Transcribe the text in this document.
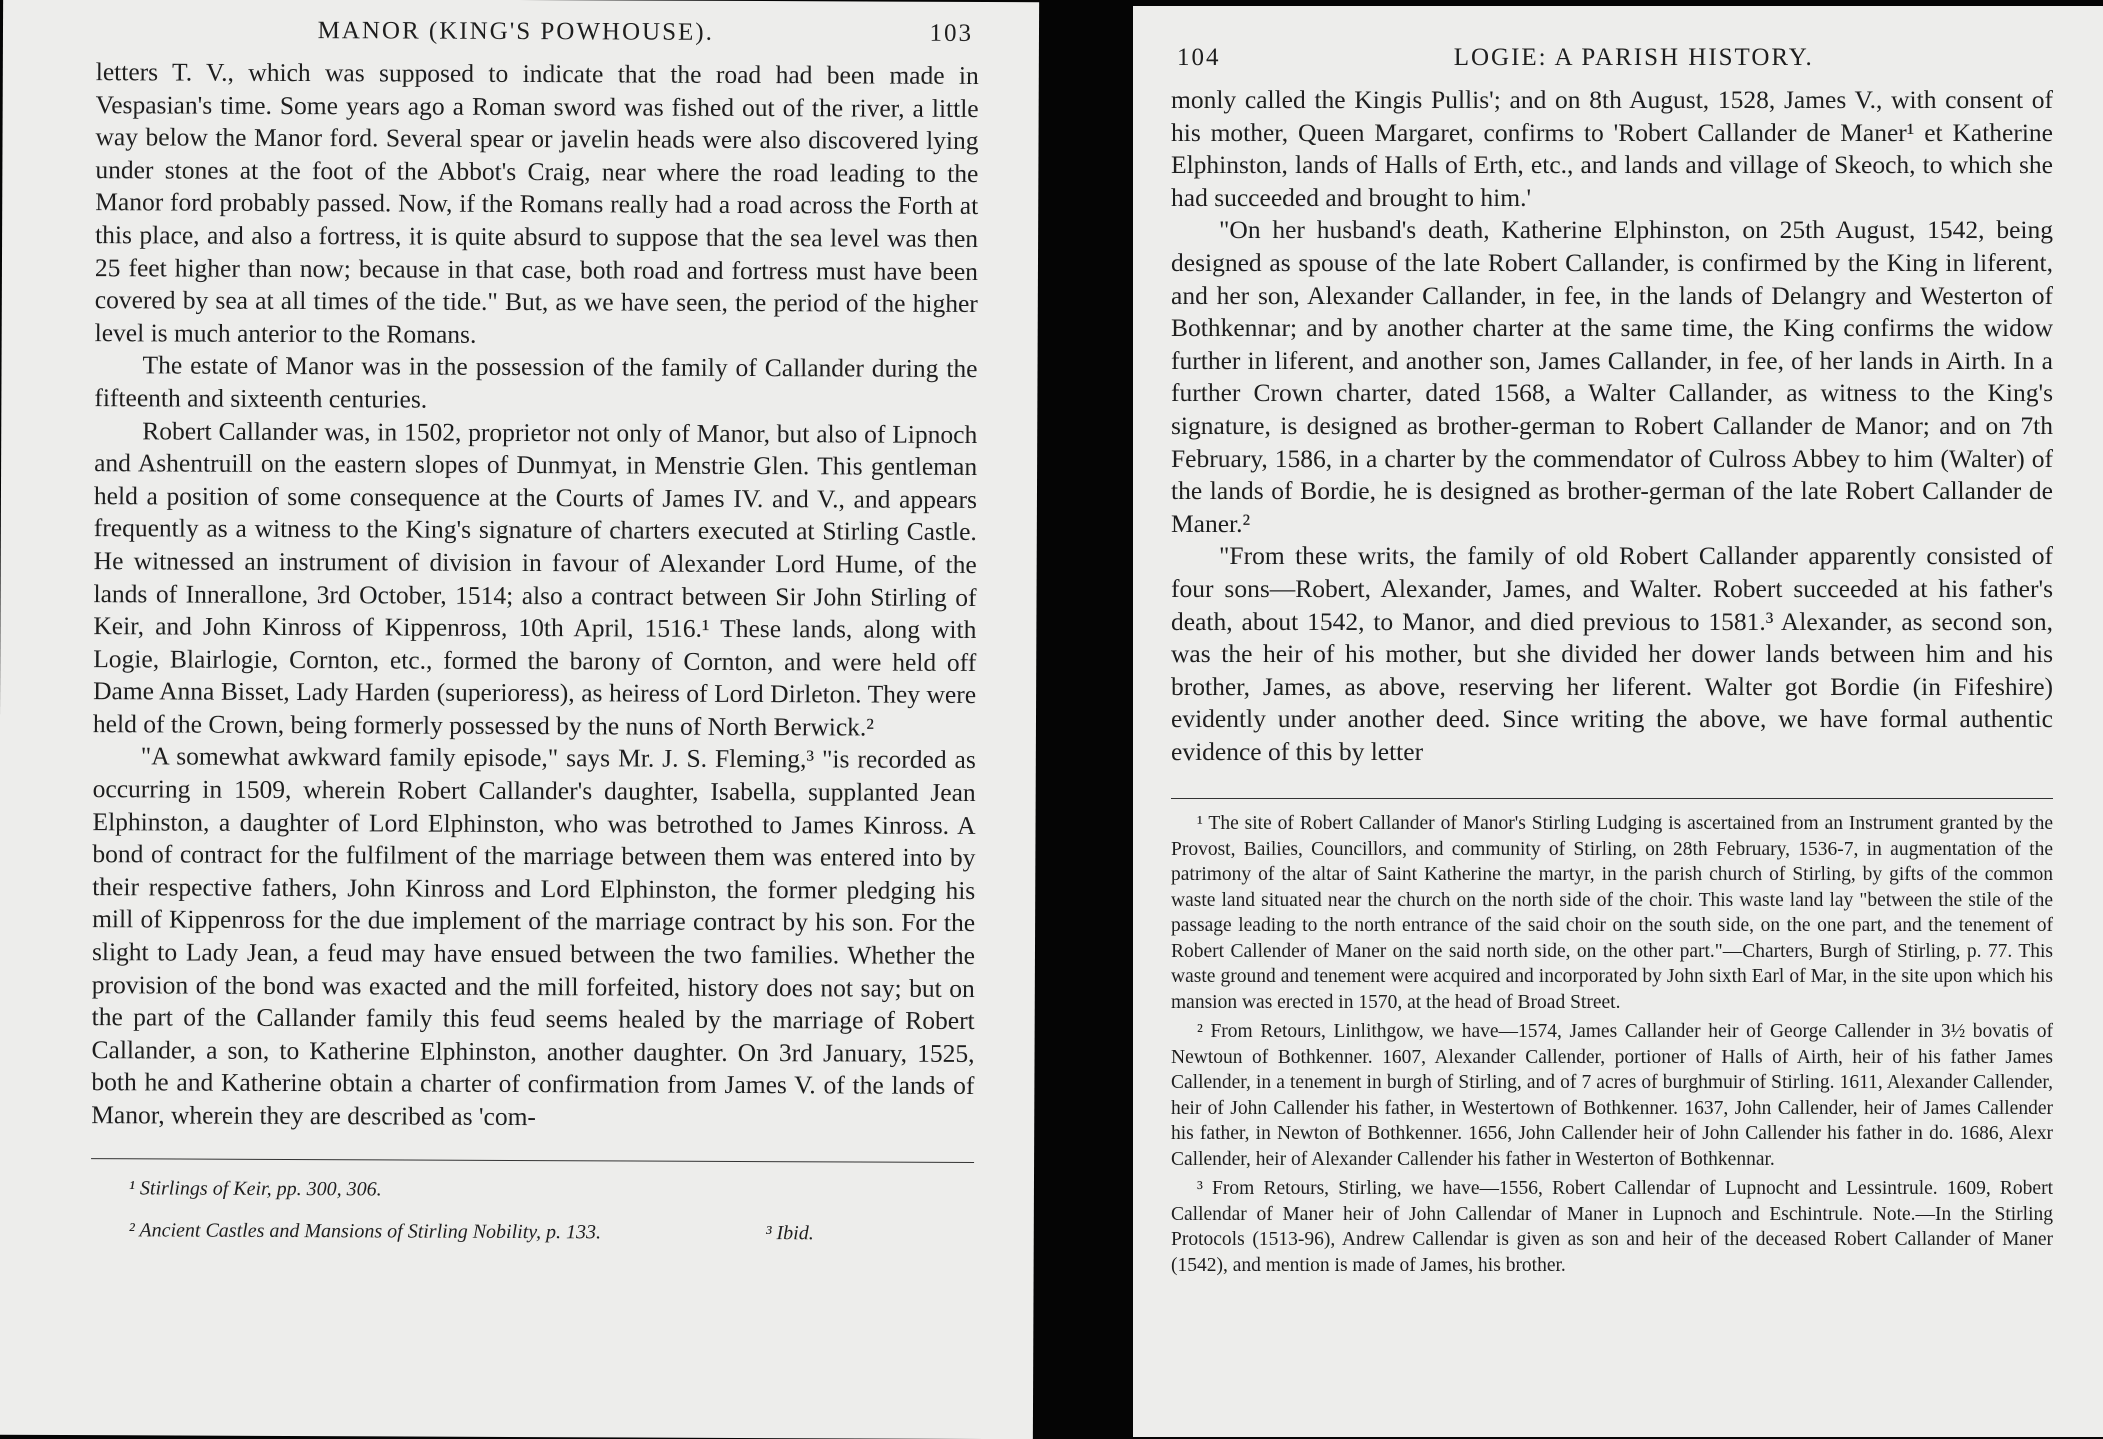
MANOR (KING'S POWHOUSE).	103

letters T. V., which was supposed to indicate that the road had been made in Vespasian's time. Some years ago a Roman sword was fished out of the river, a little way below the Manor ford. Several spear or javelin heads were also discovered lying under stones at the foot of the Abbot's Craig, near where the road leading to the Manor ford probably passed. Now, if the Romans really had a road across the Forth at this place, and also a fortress, it is quite absurd to suppose that the sea level was then 25 feet higher than now; because in that case, both road and fortress must have been covered by sea at all times of the tide." But, as we have seen, the period of the higher level is much anterior to the Romans.

The estate of Manor was in the possession of the family of Callander during the fifteenth and sixteenth centuries.

Robert Callander was, in 1502, proprietor not only of Manor, but also of Lipnoch and Ashentruill on the eastern slopes of Dunmyat, in Menstrie Glen. This gentleman held a position of some consequence at the Courts of James IV. and V., and appears frequently as a witness to the King's signature of charters executed at Stirling Castle. He witnessed an instrument of division in favour of Alexander Lord Hume, of the lands of Innerallone, 3rd October, 1514; also a contract between Sir John Stirling of Keir, and John Kinross of Kippenross, 10th April, 1516.¹ These lands, along with Logie, Blairlogie, Cornton, etc., formed the barony of Cornton, and were held off Dame Anna Bisset, Lady Harden (superioress), as heiress of Lord Dirleton. They were held of the Crown, being formerly possessed by the nuns of North Berwick.²

"A somewhat awkward family episode," says Mr. J. S. Fleming,³ "is recorded as occurring in 1509, wherein Robert Callander's daughter, Isabella, supplanted Jean Elphinston, a daughter of Lord Elphinston, who was betrothed to James Kinross. A bond of contract for the fulfilment of the marriage between them was entered into by their respective fathers, John Kinross and Lord Elphinston, the former pledging his mill of Kippenross for the due implement of the marriage contract by his son. For the slight to Lady Jean, a feud may have ensued between the two families. Whether the provision of the bond was exacted and the mill forfeited, history does not say; but on the part of the Callander family this feud seems healed by the marriage of Robert Callander, a son, to Katherine Elphinston, another daughter. On 3rd January, 1525, both he and Katherine obtain a charter of confirmation from James V. of the lands of Manor, wherein they are described as 'com-

¹ Stirlings of Keir, pp. 300, 306.

² Ancient Castles and Mansions of Stirling Nobility, p. 133.	³ Ibid.

104	LOGIE: A PARISH HISTORY.

monly called the Kingis Pullis'; and on 8th August, 1528, James V., with consent of his mother, Queen Margaret, confirms to 'Robert Callander de Maner¹ et Katherine Elphinston, lands of Halls of Erth, etc., and lands and village of Skeoch, to which she had succeeded and brought to him.'

"On her husband's death, Katherine Elphinston, on 25th August, 1542, being designed as spouse of the late Robert Callander, is confirmed by the King in liferent, and her son, Alexander Callander, in fee, in the lands of Delangry and Westerton of Bothkennar; and by another charter at the same time, the King confirms the widow further in liferent, and another son, James Callander, in fee, of her lands in Airth. In a further Crown charter, dated 1568, a Walter Callander, as witness to the King's signature, is designed as brother-german to Robert Callander de Manor; and on 7th February, 1586, in a charter by the commendator of Culross Abbey to him (Walter) of the lands of Bordie, he is designed as brother-german of the late Robert Callander de Maner.²

"From these writs, the family of old Robert Callander apparently consisted of four sons—Robert, Alexander, James, and Walter. Robert succeeded at his father's death, about 1542, to Manor, and died previous to 1581.³ Alexander, as second son, was the heir of his mother, but she divided her dower lands between him and his brother, James, as above, reserving her liferent. Walter got Bordie (in Fifeshire) evidently under another deed. Since writing the above, we have formal authentic evidence of this by letter

¹ The site of Robert Callander of Manor's Stirling Ludging is ascertained from an Instrument granted by the Provost, Bailies, Councillors, and community of Stirling, on 28th February, 1536-7, in augmentation of the patrimony of the altar of Saint Katherine the martyr, in the parish church of Stirling, by gifts of the common waste land situated near the church on the north side of the choir. This waste land lay "between the stile of the passage leading to the north entrance of the said choir on the south side, on the one part, and the tenement of Robert Callender of Maner on the said north side, on the other part."—Charters, Burgh of Stirling, p. 77. This waste ground and tenement were acquired and incorporated by John sixth Earl of Mar, in the site upon which his mansion was erected in 1570, at the head of Broad Street.

² From Retours, Linlithgow, we have—1574, James Callander heir of George Callender in 3½ bovatis of Newtoun of Bothkenner. 1607, Alexander Callender, portioner of Halls of Airth, heir of his father James Callender, in a tenement in burgh of Stirling, and of 7 acres of burghmuir of Stirling. 1611, Alexander Callender, heir of John Callender his father, in Westertown of Bothkenner. 1637, John Callender, heir of James Callender his father, in Newton of Bothkenner. 1656, John Callender heir of John Callender his father in do. 1686, Alexr Callender, heir of Alexander Callender his father in Westerton of Bothkennar.

³ From Retours, Stirling, we have—1556, Robert Callendar of Lupnocht and Lessintrule. 1609, Robert Callendar of Maner heir of John Callendar of Maner in Lupnoch and Eschintrule. Note.—In the Stirling Protocols (1513-96), Andrew Callendar is given as son and heir of the deceased Robert Callander of Maner (1542), and mention is made of James, his brother.
